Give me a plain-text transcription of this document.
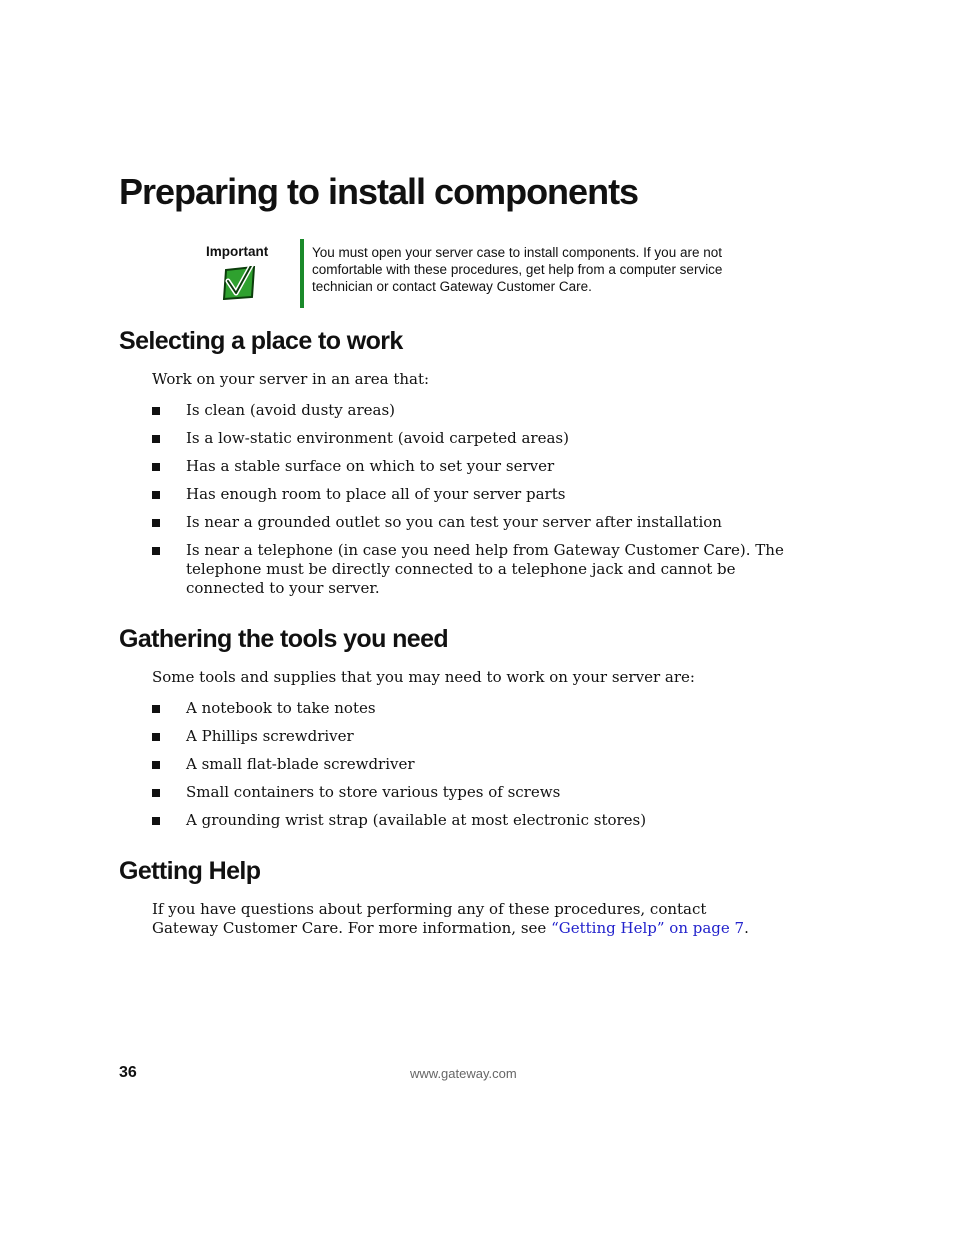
Preparing to install components
Important	You must open your server case to install components. If you are not comfortable with these procedures, get help from a computer service technician or contact Gateway Customer Care.
Selecting a place to work
Work on your server in an area that:
Is clean (avoid dusty areas)
Is a low-static environment (avoid carpeted areas)
Has a stable surface on which to set your server
Has enough room to place all of your server parts
Is near a grounded outlet so you can test your server after installation
Is near a telephone (in case you need help from Gateway Customer Care). The telephone must be directly connected to a telephone jack and cannot be connected to your server.
Gathering the tools you need
Some tools and supplies that you may need to work on your server are:
A notebook to take notes
A Phillips screwdriver
A small flat-blade screwdriver
Small containers to store various types of screws
A grounding wrist strap (available at most electronic stores)
Getting Help
If you have questions about performing any of these procedures, contact Gateway Customer Care. For more information, see “Getting Help” on page 7.
36	www.gateway.com
